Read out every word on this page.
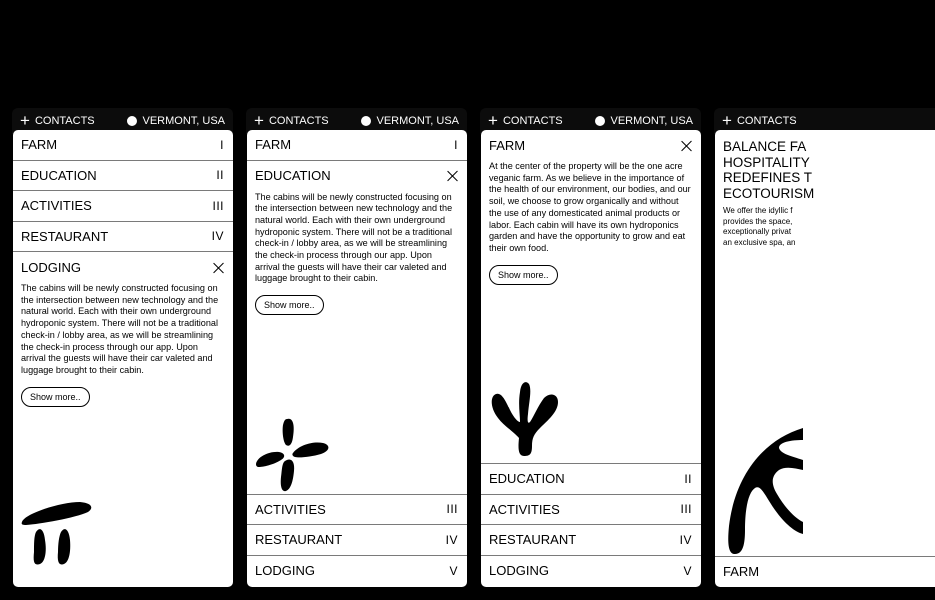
+ CONTACTS	VERMONT, USA
FARM	I
EDUCATION	II
ACTIVITIES	III
RESTAURANT	IV
LODGING
The cabins will be newly constructed focusing on the intersection between new technology and the natural world. Each with their own underground hydroponic system. There will not be a traditional check-in / lobby area, as we will be streamlining the check-in process through our app. Upon arrival the guests will have their car valeted and luggage brought to their cabin.
Show more..
+ CONTACTS	VERMONT, USA
FARM	I
EDUCATION
The cabins will be newly constructed focusing on the intersection between new technology and the natural world. Each with their own underground hydroponic system. There will not be a traditional check-in / lobby area, as we will be streamlining the check-in process through our app. Upon arrival the guests will have their car valeted and luggage brought to their cabin.
Show more..
ACTIVITIES	III
RESTAURANT	IV
LODGING	V
+ CONTACTS	VERMONT, USA
FARM
At the center of the property will be the one acre veganic farm. As we believe in the importance of the health of our environment, our bodies, and our soil, we choose to grow organically and without the use of any domesticated animal products or labor. Each cabin will have its own hydroponics garden and have the opportunity to grow and eat their own food.
Show more..
EDUCATION	II
ACTIVITIES	III
RESTAURANT	IV
LODGING	V
+ CONTACTS
BALANCE FA
HOSPITALITY
REDEFINES T
ECOTOURISM
We offer the idyllic f
provides the space,
exceptionally privat
an exclusive spa, an
FARM
